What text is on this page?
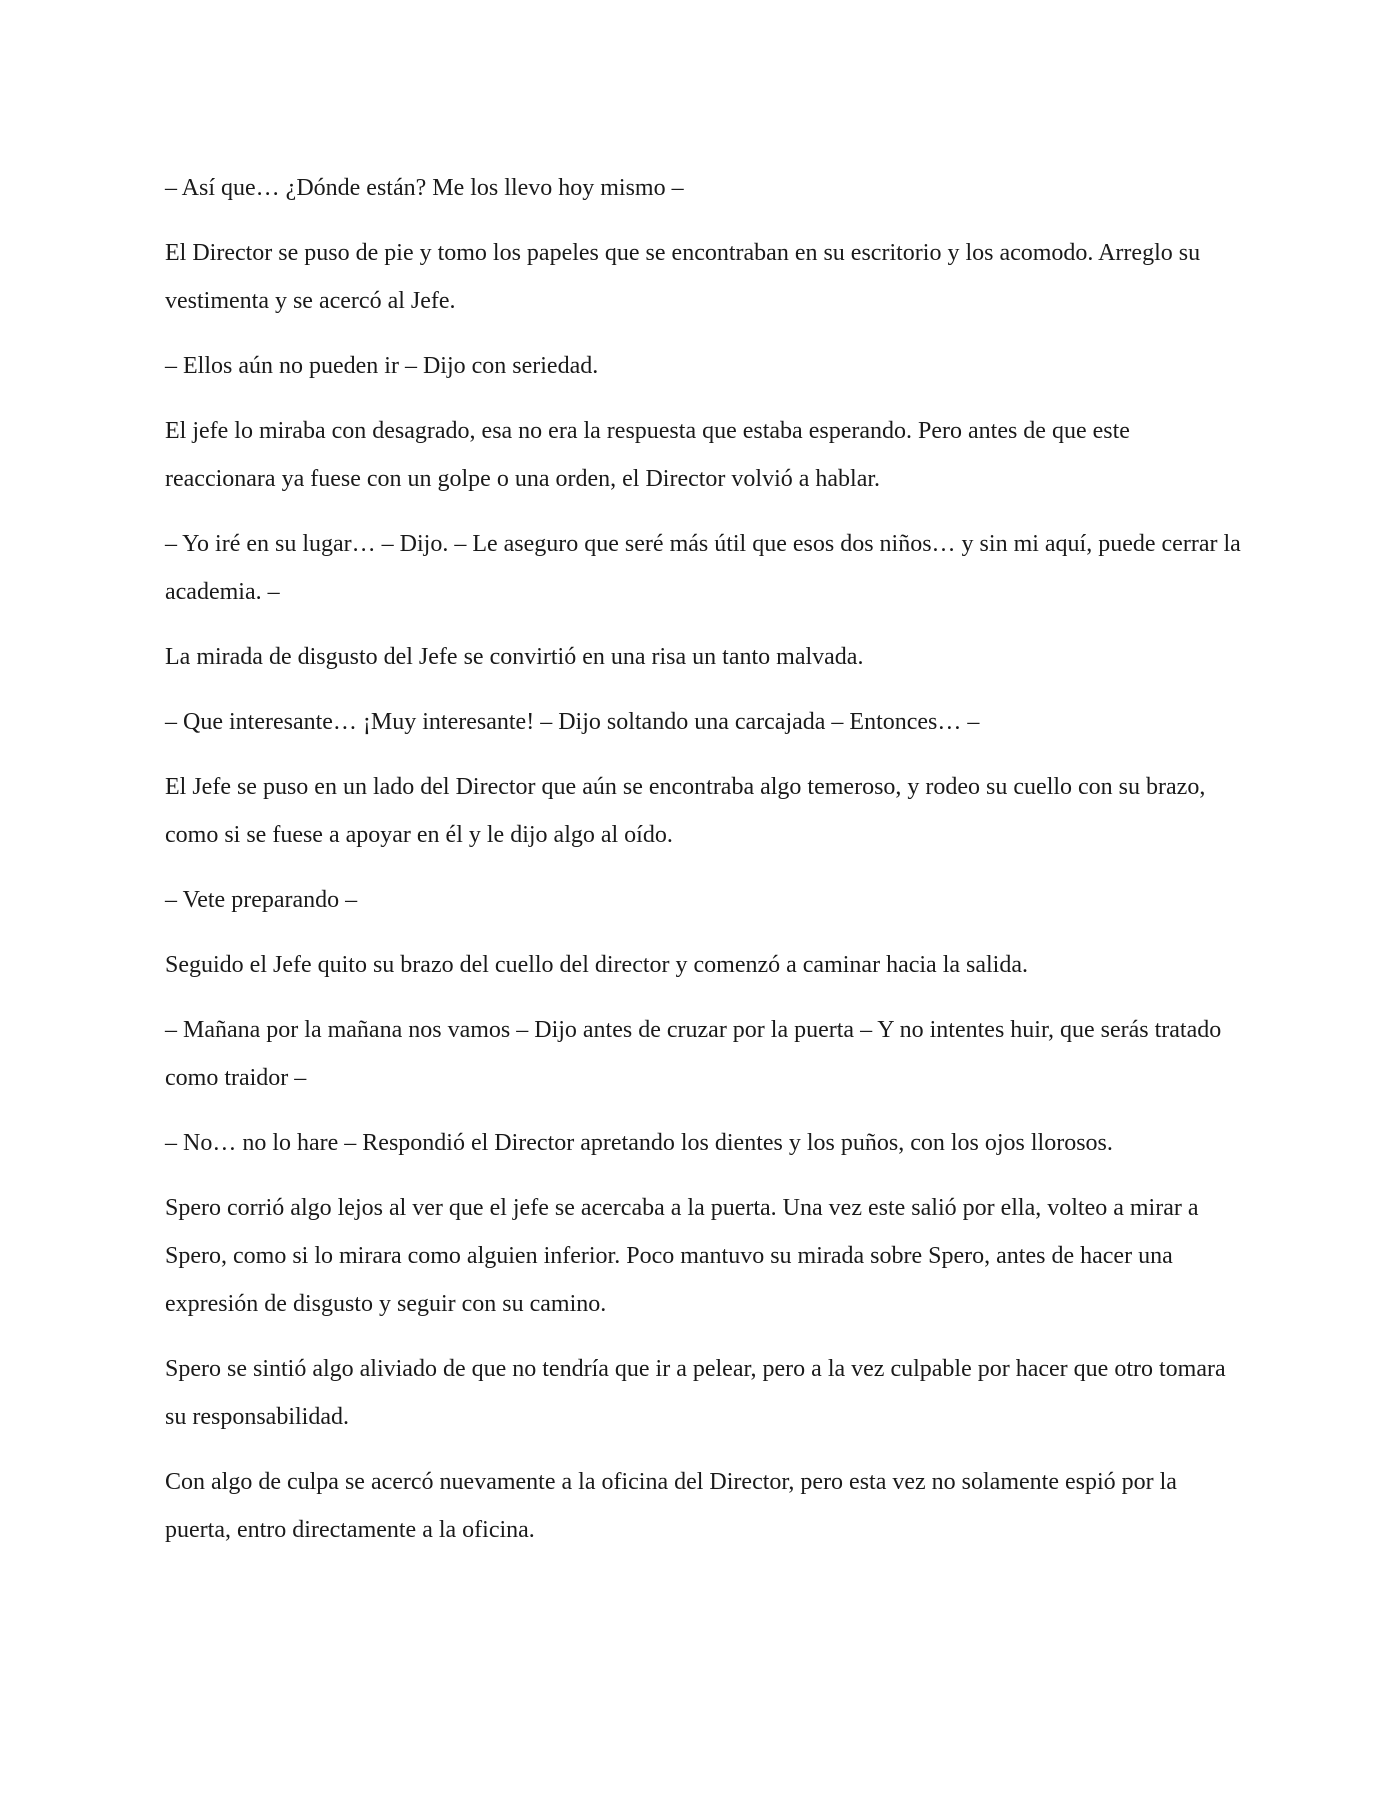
– Así que… ¿Dónde están? Me los llevo hoy mismo –

El Director se puso de pie y tomo los papeles que se encontraban en su escritorio y los acomodo. Arreglo su vestimenta y se acercó al Jefe.

– Ellos aún no pueden ir – Dijo con seriedad.

El jefe lo miraba con desagrado, esa no era la respuesta que estaba esperando. Pero antes de que este reaccionara ya fuese con un golpe o una orden, el Director volvió a hablar.

– Yo iré en su lugar… – Dijo. – Le aseguro que seré más útil que esos dos niños… y sin mi aquí, puede cerrar la academia. –

La mirada de disgusto del Jefe se convirtió en una risa un tanto malvada.

– Que interesante… ¡Muy interesante! – Dijo soltando una carcajada – Entonces… –

El Jefe se puso en un lado del Director que aún se encontraba algo temeroso, y rodeo su cuello con su brazo, como si se fuese a apoyar en él y le dijo algo al oído.

– Vete preparando –

Seguido el Jefe quito su brazo del cuello del director y comenzó a caminar hacia la salida.

– Mañana por la mañana nos vamos – Dijo antes de cruzar por la puerta – Y no intentes huir, que serás tratado como traidor –

– No… no lo hare – Respondió el Director apretando los dientes y los puños, con los ojos llorosos.

Spero corrió algo lejos al ver que el jefe se acercaba a la puerta. Una vez este salió por ella, volteo a mirar a Spero, como si lo mirara como alguien inferior. Poco mantuvo su mirada sobre Spero, antes de hacer una expresión de disgusto y seguir con su camino.

Spero se sintió algo aliviado de que no tendría que ir a pelear, pero a la vez culpable por hacer que otro tomara su responsabilidad.

Con algo de culpa se acercó nuevamente a la oficina del Director, pero esta vez no solamente espió por la puerta, entro directamente a la oficina.
